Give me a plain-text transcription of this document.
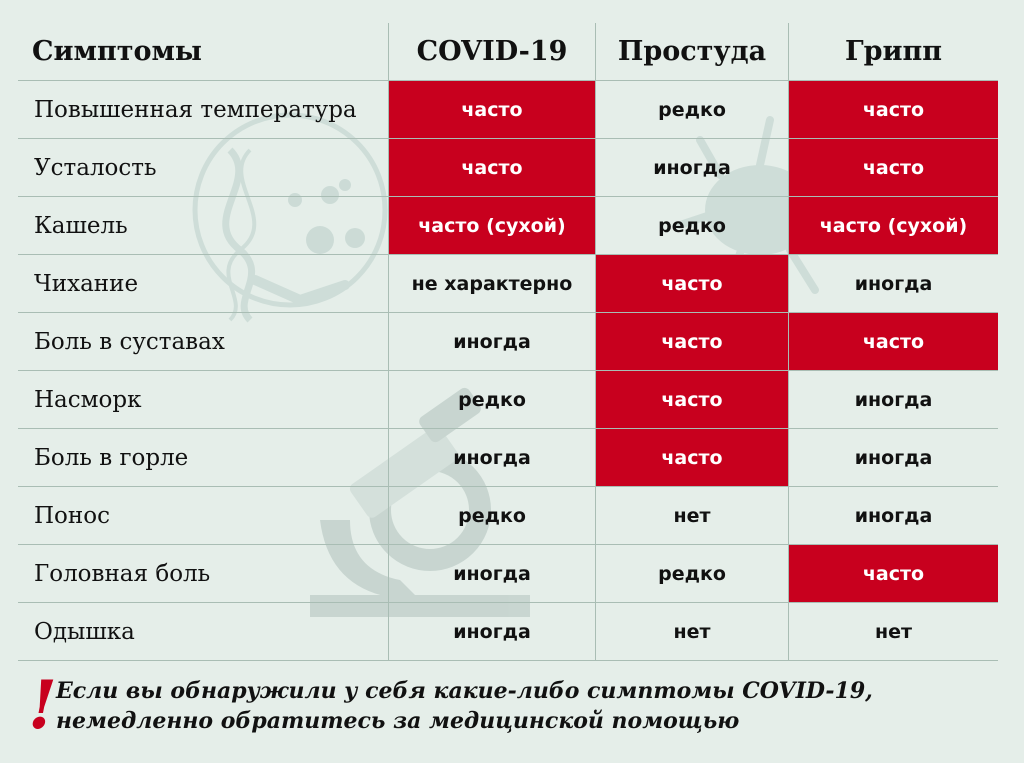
Симптомы	COVID-19	Простуда	Грипп
Повышенная температура	часто	редко	часто
Усталость	часто	иногда	часто
Кашель	часто (сухой)	редко	часто (сухой)
Чихание	не характерно	часто	иногда
Боль в суставах	иногда	часто	часто
Насморк	редко	часто	иногда
Боль в горле	иногда	часто	иногда
Понос	редко	нет	иногда
Головная боль	иногда	редко	часто
Одышка	иногда	нет	нет
! Если вы обнаружили у себя какие-либо симптомы COVID-19,
немедленно обратитесь за медицинской помощью
